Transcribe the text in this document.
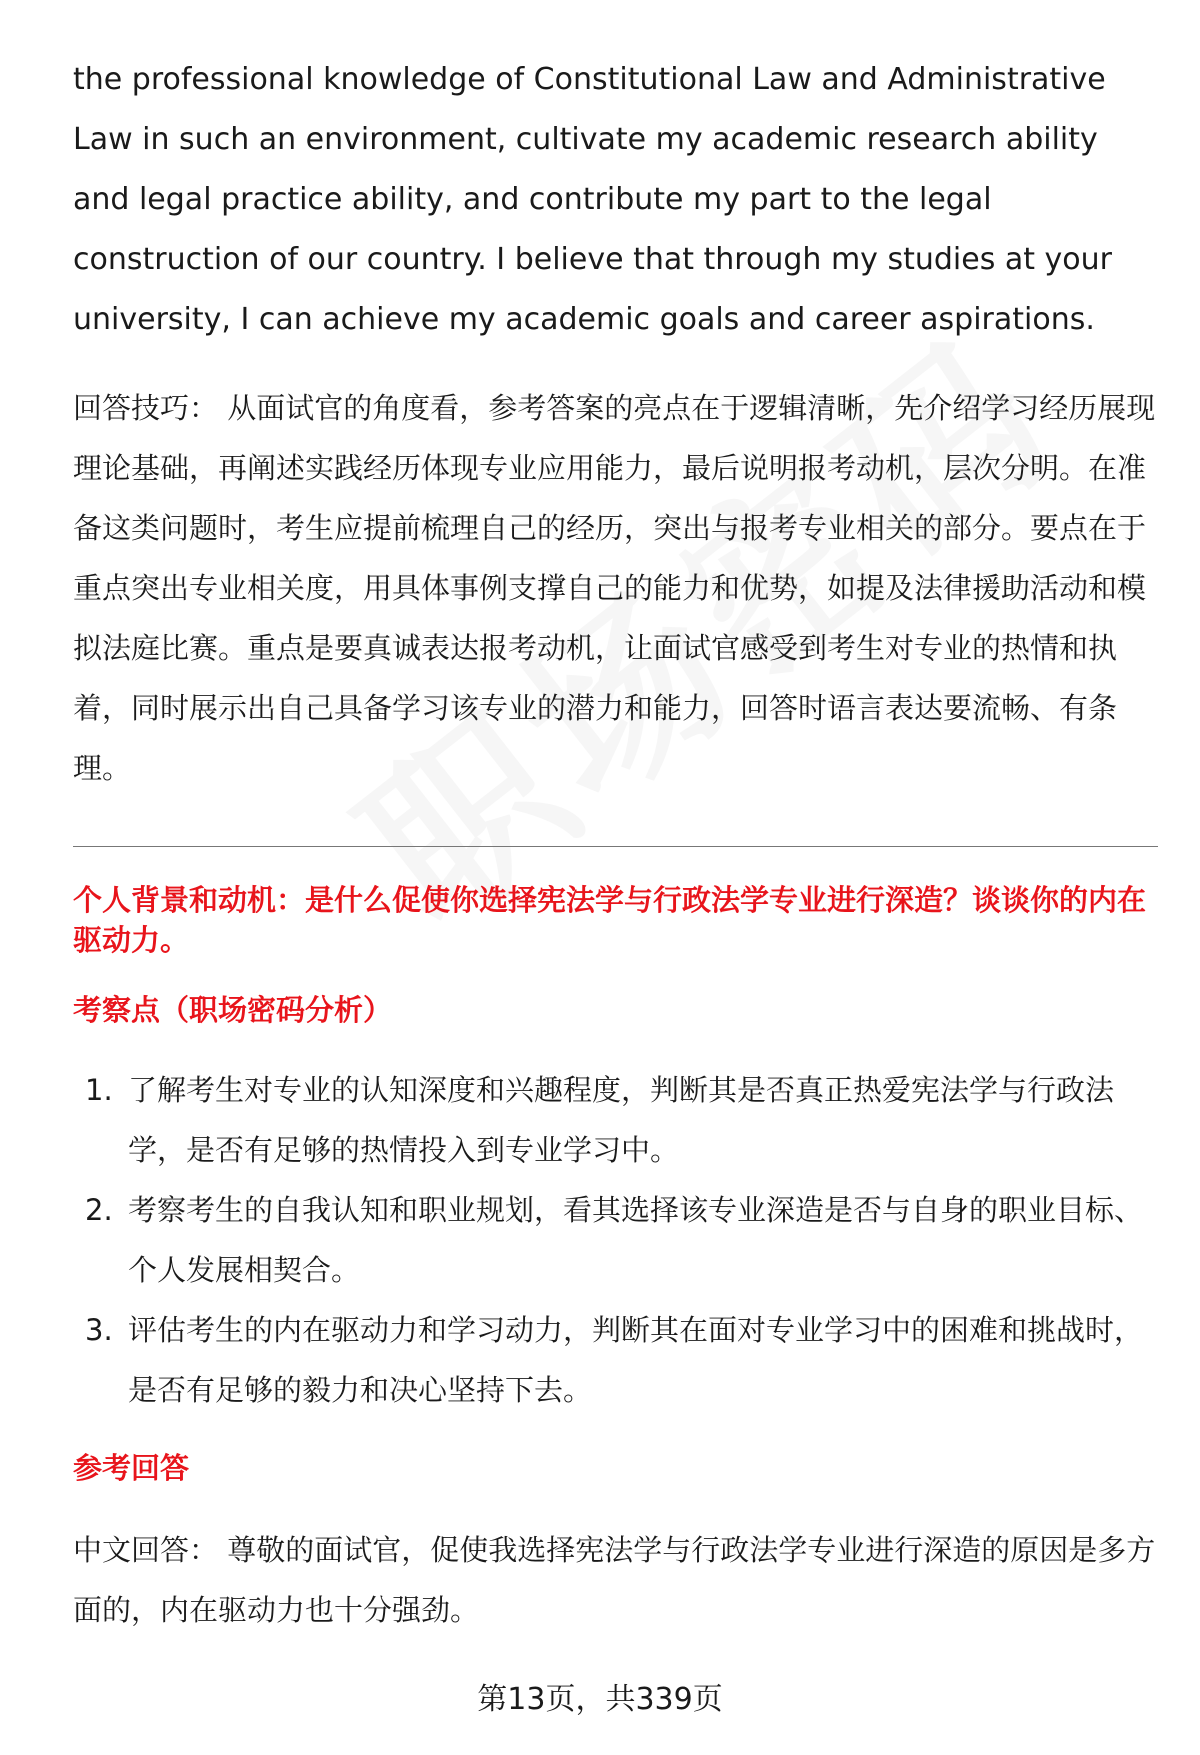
the professional knowledge of Constitutional Law and Administrative Law in such an environment, cultivate my academic research ability and legal practice ability, and contribute my part to the legal construction of our country. I believe that through my studies at your university, I can achieve my academic goals and career aspirations.

回答技巧： 从面试官的角度看，参考答案的亮点在于逻辑清晰，先介绍学习经历展现理论基础，再阐述实践经历体现专业应用能力，最后说明报考动机，层次分明。在准备这类问题时，考生应提前梳理自己的经历，突出与报考专业相关的部分。要点在于重点突出专业相关度，用具体事例支撑自己的能力和优势，如提及法律援助活动和模拟法庭比赛。重点是要真诚表达报考动机，让面试官感受到考生对专业的热情和执着，同时展示出自己具备学习该专业的潜力和能力，回答时语言表达要流畅、有条理。

个人背景和动机：是什么促使你选择宪法学与行政法学专业进行深造？谈谈你的内在驱动力。
考察点（职场密码分析）
1. 了解考生对专业的认知深度和兴趣程度，判断其是否真正热爱宪法学与行政法学，是否有足够的热情投入到专业学习中。
2. 考察考生的自我认知和职业规划，看其选择该专业深造是否与自身的职业目标、个人发展相契合。
3. 评估考生的内在驱动力和学习动力，判断其在面对专业学习中的困难和挑战时，是否有足够的毅力和决心坚持下去。
参考回答

中文回答： 尊敬的面试官，促使我选择宪法学与行政法学专业进行深造的原因是多方面的，内在驱动力也十分强劲。

第13页，共339页
